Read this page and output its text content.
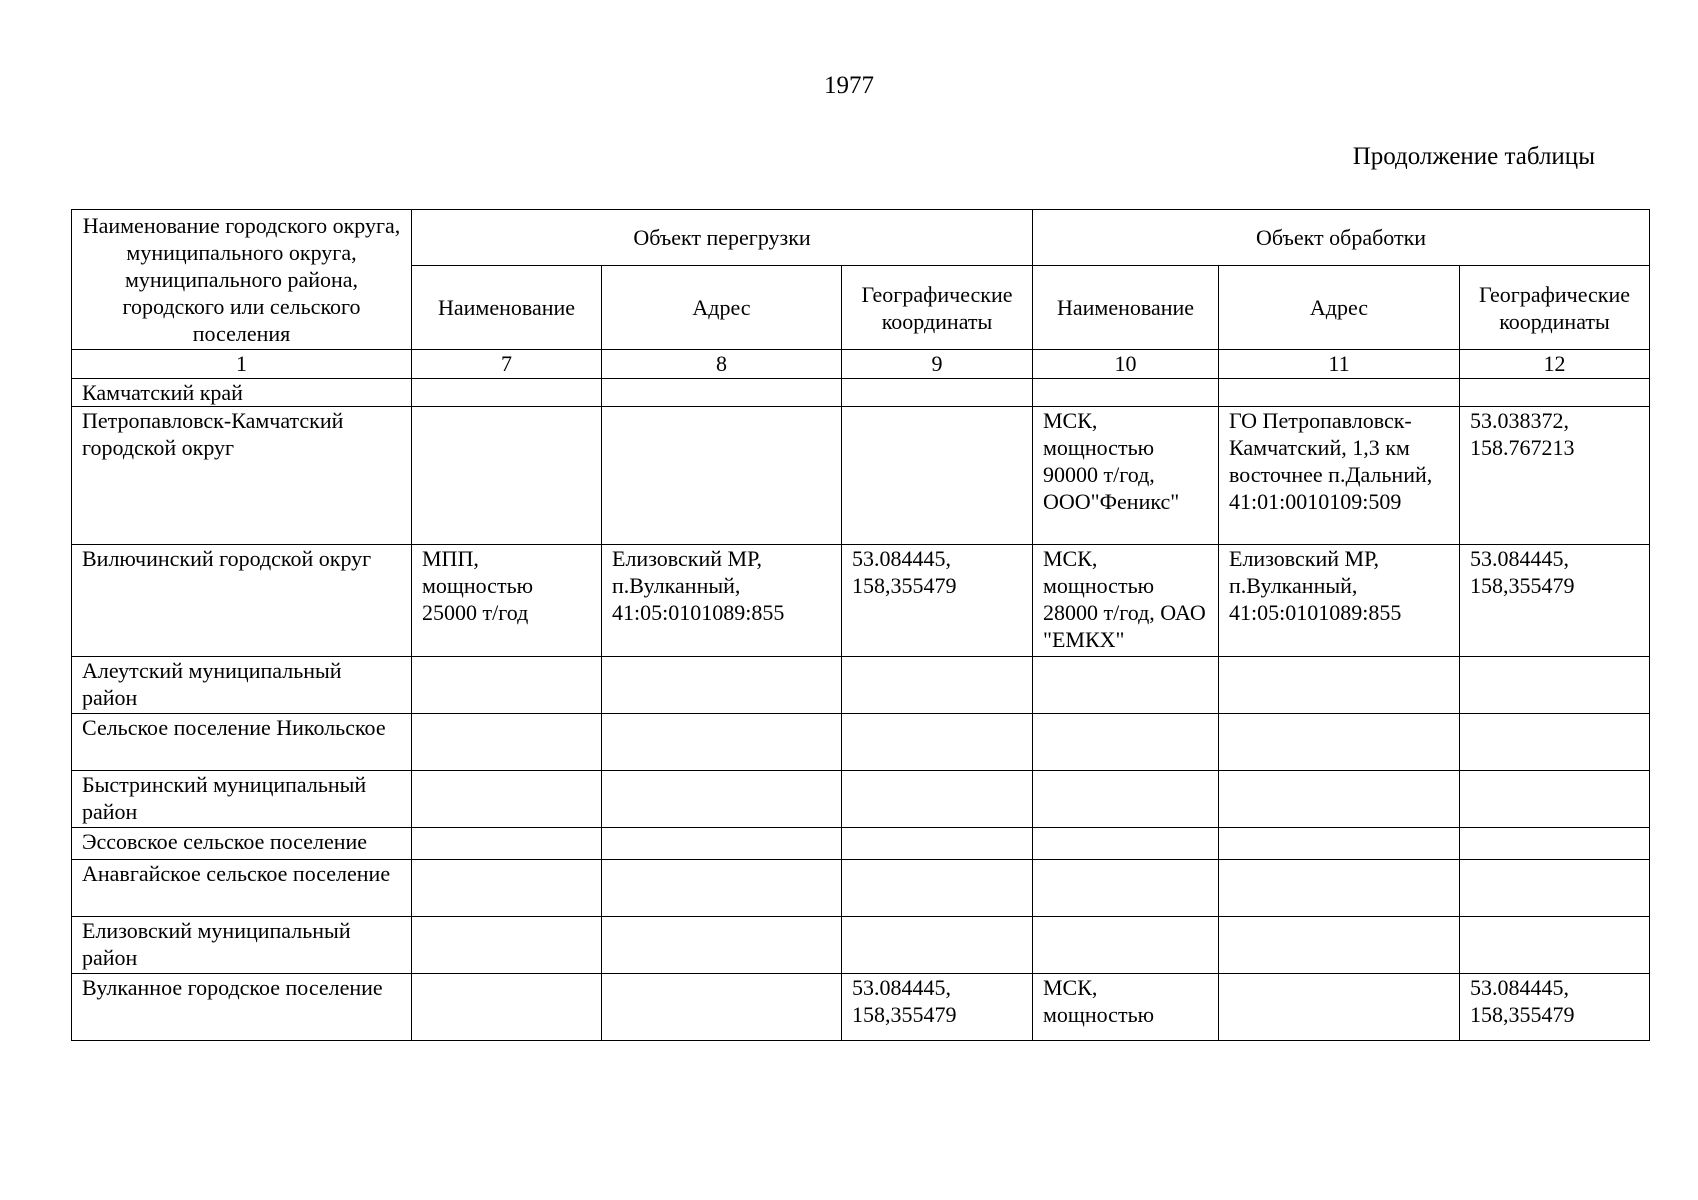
1977
Продолжение таблицы
Наименование городского округа, муниципального округа, муниципального района, городского или сельского поселения	Объект перегрузки			Объект обработки		
	Наименование	Адрес	Географические координаты	Наименование	Адрес	Географические координаты
1	7	8	9	10	11	12
Камчатский край						
Петропавловск-Камчатский городской округ				МСК, мощностью 90000 т/год, ООО"Феникс"	ГО Петропавловск-Камчатский, 1,3 км восточнее п.Дальний, 41:01:0010109:509	53.038372, 158.767213
Вилючинский городской округ	МПП, мощностью 25000 т/год	Елизовский МР, п.Вулканный, 41:05:0101089:855	53.084445, 158,355479	МСК, мощностью 28000 т/год, ОАО "ЕМКХ"	Елизовский МР, п.Вулканный, 41:05:0101089:855	53.084445, 158,355479
Алеутский муниципальный район						
Сельское поселение Никольское						
Быстринский муниципальный район						
Эссовское сельское поселение						
Анавгайское сельское поселение						
Елизовский муниципальный район						
Вулканное городское поселение			53.084445, 158,355479	МСК, мощностью		53.084445, 158,355479
